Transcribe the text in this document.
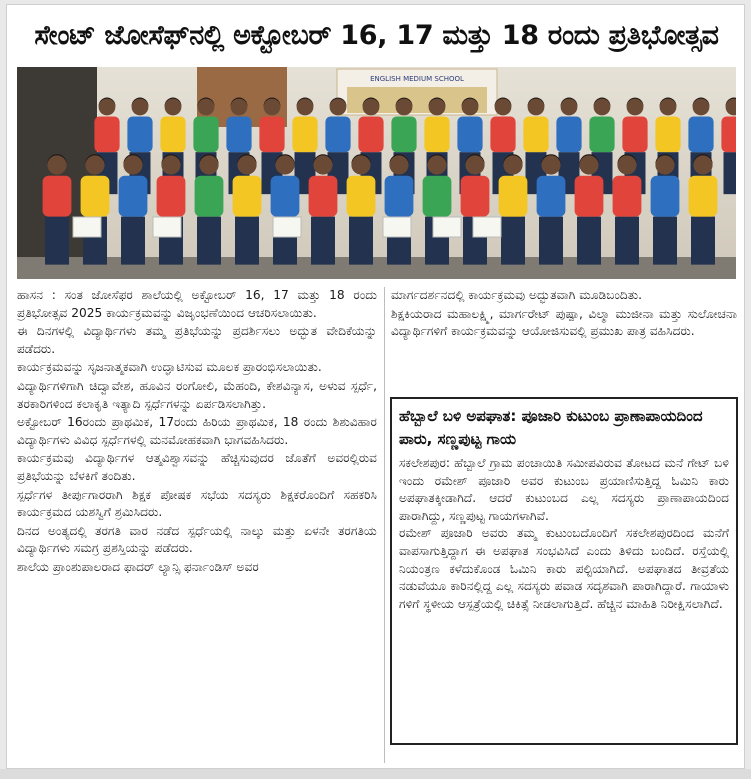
ಸೇಂಟ್ ಜೋಸೆಫ್‌ನಲ್ಲಿ ಅಕ್ಟೋಬರ್ 16, 17 ಮತ್ತು 18 ರಂದು ಪ್ರತಿಭೋತ್ಸವ
ENGLISH MEDIUM SCHOOL

ಹಾಸನ : ಸಂತ ಜೋಸೆಫರ ಶಾಲೆಯಲ್ಲಿ ಅಕ್ಟೋಬರ್ 16, 17 ಮತ್ತು 18 ರಂದು ಪ್ರತಿಭೋತ್ಸವ 2025 ಕಾರ್ಯಕ್ರಮವನ್ನು ವಿಜೃಂಭಣೆಯಿಂದ ಆಚರಿಸಲಾಯಿತು.

ಈ ದಿನಗಳಲ್ಲಿ ವಿದ್ಯಾರ್ಥಿಗಳು ತಮ್ಮ ಪ್ರತಿಭೆಯನ್ನು ಪ್ರದರ್ಶಿಸಲು ಅದ್ಭುತ ವೇದಿಕೆಯನ್ನು ಪಡೆದರು.

ಕಾರ್ಯಕ್ರಮವನ್ನು ಸೃಜನಾತ್ಮಕವಾಗಿ ಉದ್ಘಾಟಿಸುವ ಮೂಲಕ ಪ್ರಾರಂಭಿಸಲಾಯಿತು.

ವಿದ್ಯಾರ್ಥಿಗಳಿಗಾಗಿ ಚಿದ್ವಾವೇಶ, ಹೂವಿನ ರಂಗೋಲಿ, ಮೆಹಂದಿ, ಕೇಶವಿನ್ಯಾಸ, ಅಳುವ ಸ್ಪರ್ಧೆ, ತರಕಾರಿಗಳಿಂದ ಕಲಾಕೃತಿ ಇತ್ಯಾದಿ ಸ್ಪರ್ಧೆಗಳನ್ನು ಏರ್ಪಡಿಸಲಾಗಿತ್ತು.

ಅಕ್ಟೋಬರ್ 16ರಂದು ಪ್ರಾಥಮಿಕ, 17ರಂದು ಹಿರಿಯ ಪ್ರಾಥಮಿಕ, 18 ರಂದು ಶಿಶುವಿಹಾರ ವಿದ್ಯಾರ್ಥಿಗಳು ವಿವಿಧ ಸ್ಪರ್ಧೆಗಳಲ್ಲಿ ಮನಮೋಹಕವಾಗಿ ಭಾಗವಹಿಸಿದರು.

ಕಾರ್ಯಕ್ರಮವು ವಿದ್ಯಾರ್ಥಿಗಳ ಆತ್ಮವಿಶ್ವಾಸವನ್ನು ಹೆಚ್ಚಿಸುವುದರ ಜೊತೆಗೆ ಅವರಲ್ಲಿರುವ ಪ್ರತಿಭೆಯನ್ನು ಬೆಳಕಿಗೆ ತಂದಿತು.

ಸ್ಪರ್ಧೆಗಳ ತೀರ್ಪುಗಾರರಾಗಿ ಶಿಕ್ಷಕ ಪೋಷಕ ಸಭೆಯ ಸದಸ್ಯರು ಶಿಕ್ಷಕರೊಂದಿಗೆ ಸಹಕರಿಸಿ ಕಾರ್ಯಕ್ರಮದ ಯಶಸ್ವಿಗೆ ಶ್ರಮಿಸಿದರು.

ದಿನದ ಅಂತ್ಯದಲ್ಲಿ ತರಗತಿ ವಾರ ನಡೆದ ಸ್ಪರ್ಧೆಯಲ್ಲಿ ನಾಲ್ಕು ಮತ್ತು ಏಳನೇ ತರಗತಿಯ ವಿದ್ಯಾರ್ಥಿಗಳು ಸಮಗ್ರ ಪ್ರಶಸ್ತಿಯನ್ನು ಪಡೆದರು.

ಶಾಲೆಯ ಪ್ರಾಂಶುಪಾಲರಾದ ಫಾದರ್ ಲ್ಯಾನ್ಸಿ ಫರ್ನಾಂಡಿಸ್ ಅವರ

ಮಾರ್ಗದರ್ಶನದಲ್ಲಿ ಕಾರ್ಯಕ್ರಮವು ಅದ್ಭುತವಾಗಿ ಮೂಡಿಬಂದಿತು.

ಶಿಕ್ಷಕಿಯರಾದ ಮಹಾಲಕ್ಷ್ಮಿ, ಮಾರ್ಗರೇಟ್ ಪುಷ್ಪಾ, ವಿಲ್ಮಾ ಮುಜೀನಾ ಮತ್ತು ಸುಲೋಚನಾ ವಿದ್ಯಾರ್ಥಿಗಳಿಗೆ ಕಾರ್ಯಕ್ರಮವನ್ನು ಆಯೋಜಿಸುವಲ್ಲಿ ಪ್ರಮುಖ ಪಾತ್ರ ವಹಿಸಿದರು.

ಹೆಬ್ಬಾಲೆ ಬಳಿ ಅಪಘಾತ: ಪೂಜಾರಿ ಕುಟುಂಬ ಪ್ರಾಣಾಪಾಯದಿಂದ ಪಾರು, ಸಣ್ಣಪುಟ್ಟ ಗಾಯ

ಸಕಲೇಶಪುರ: ಹೆಬ್ಬಾಲೆ ಗ್ರಾಮ ಪಂಚಾಯಿತಿ ಸಮೀಪವಿರುವ ತೋಟದ ಮನೆ ಗೇಟ್ ಬಳಿ ಇಂದು ರಮೇಶ್ ಪೂಜಾರಿ ಅವರ ಕುಟುಂಬ ಪ್ರಯಾಣಿಸುತ್ತಿದ್ದ ಓಮಿನಿ ಕಾರು ಅಪಘಾತಕ್ಕೀಡಾಗಿದೆ. ಆದರೆ ಕುಟುಂಬದ ಎಲ್ಲ ಸದಸ್ಯರು ಪ್ರಾಣಾಪಾಯದಿಂದ ಪಾರಾಗಿದ್ದು, ಸಣ್ಣಪುಟ್ಟ ಗಾಯಗಳಾಗಿವೆ.

ರಮೇಶ್ ಪೂಜಾರಿ ಅವರು ತಮ್ಮ ಕುಟುಂಬದೊಂದಿಗೆ ಸಕಲೇಶಪುರದಿಂದ ಮನೆಗೆ ವಾಪಸಾಗುತ್ತಿದ್ದಾಗ ಈ ಅಪಘಾತ ಸಂಭವಿಸಿದೆ ಎಂದು ತಿಳಿದು ಬಂದಿದೆ. ರಸ್ತೆಯಲ್ಲಿ ನಿಯಂತ್ರಣ ಕಳೆದುಕೊಂಡ ಓಮಿನಿ ಕಾರು ಪಲ್ಟಿಯಾಗಿದೆ. ಅಪಘಾತದ ತೀವ್ರತೆಯ ನಡುವೆಯೂ ಕಾರಿನಲ್ಲಿದ್ದ ಎಲ್ಲ ಸದಸ್ಯರು ಪವಾಡ ಸದೃಶವಾಗಿ ಪಾರಾಗಿದ್ದಾರೆ. ಗಾಯಾಳು ಗಳಿಗೆ ಸ್ಥಳೀಯ ಆಸ್ಪತ್ರೆಯಲ್ಲಿ ಚಿಕಿತ್ಸೆ ನೀಡಲಾಗುತ್ತಿದೆ. ಹೆಚ್ಚಿನ ಮಾಹಿತಿ ನಿರೀಕ್ಷಿಸಲಾಗಿದೆ.
